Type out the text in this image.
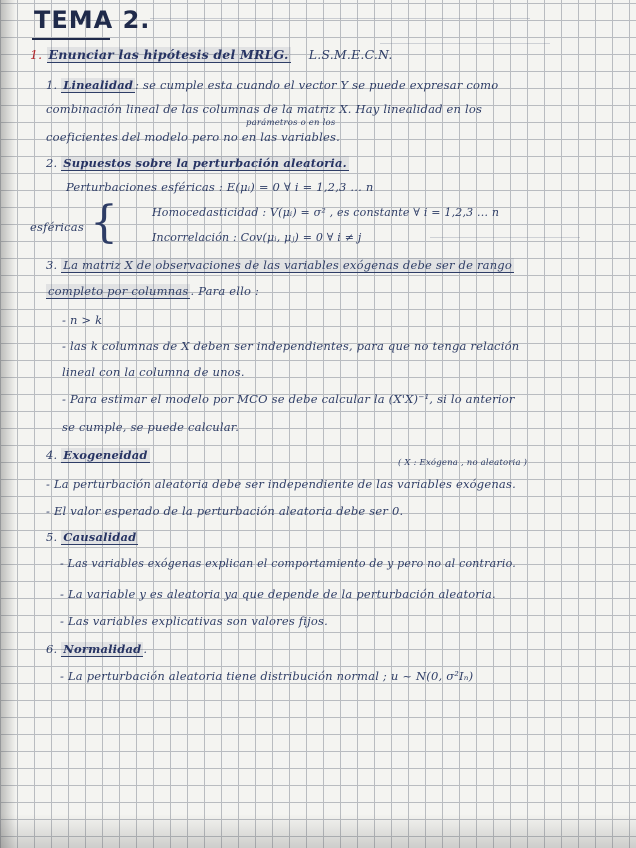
TEMA 2.
1. Enunciar las hipótesis del MRLG. L.S.M.E.C.N.
1. Linealidad : se cumple esta cuando el vector Y se puede expresar como
combinación lineal de las columnas de la matriz X. Hay linealidad en los
parámetros o en los
coeficientes del modelo pero no en las variables.
2. Supuestos sobre la perturbación aleatoria.
Perturbaciones esféricas : E(μᵢ) = 0 ∀ i = 1,2,3 ... n
esféricas {	Homocedasticidad : V(μᵢ) = σ² , es constante ∀ i = 1,2,3 ... n
Incorrelación : Cov(μᵢ, μⱼ) = 0 ∀ i ≠ j
3. La matriz X de observaciones de las variables exógenas debe ser de rango
completo por columnas . Para ello :
- n > k
- las k columnas de X deben ser independientes, para que no tenga relación
lineal con la columna de unos.
- Para estimar el modelo por MCO se debe calcular la (X'X)⁻¹, si lo anterior
se cumple, se puede calcular.
4. Exogeneidad
( X : Exógena , no aleatoria )
- La perturbación aleatoria debe ser independiente de las variables exógenas.
- El valor esperado de la perturbación aleatoria debe ser 0.
5. Causalidad
- Las variables exógenas explican el comportamiento de y pero no al contrario.
- La variable y es aleatoria ya que depende de la perturbación aleatoria.
- Las variables explicativas son valores fijos.
6. Normalidad .
- La perturbación aleatoria tiene distribución normal ; u ~ N(0, σ²Iₙ)
